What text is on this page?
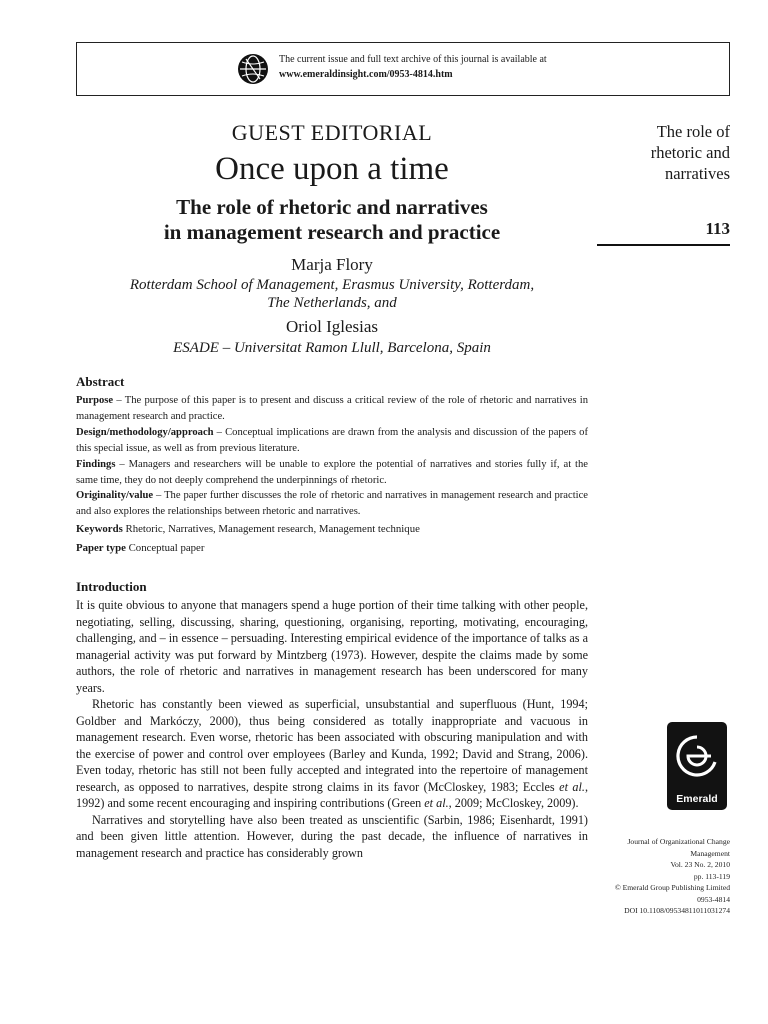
The current issue and full text archive of this journal is available at
www.emeraldinsight.com/0953-4814.htm
GUEST EDITORIAL
Once upon a time
The role of rhetoric and narratives
in management research and practice
Marja Flory
Rotterdam School of Management, Erasmus University, Rotterdam,
The Netherlands, and
Oriol Iglesias
ESADE – Universitat Ramon Llull, Barcelona, Spain
The role of
rhetoric and
narratives
113
Abstract
Purpose – The purpose of this paper is to present and discuss a critical review of the role of rhetoric and narratives in management research and practice.
Design/methodology/approach – Conceptual implications are drawn from the analysis and discussion of the papers of this special issue, as well as from previous literature.
Findings – Managers and researchers will be unable to explore the potential of narratives and stories fully if, at the same time, they do not deeply comprehend the underpinnings of rhetoric.
Originality/value – The paper further discusses the role of rhetoric and narratives in management research and practice and also explores the relationships between rhetoric and narratives.
Keywords Rhetoric, Narratives, Management research, Management technique
Paper type Conceptual paper
Introduction

It is quite obvious to anyone that managers spend a huge portion of their time talking with other people, negotiating, selling, discussing, sharing, questioning, organising, reporting, motivating, encouraging, challenging, and – in essence – persuading. Interesting empirical evidence of the importance of talks as a managerial activity was put forward by Mintzberg (1973). However, despite the claims made by some authors, the role of rhetoric and narratives in management research has been underscored for many years.

Rhetoric has constantly been viewed as superficial, unsubstantial and superfluous (Hunt, 1994; Goldber and Markóczy, 2000), thus being considered as totally inappropriate and vacuous in management research. Even worse, rhetoric has been associated with obscuring manipulation and with the exercise of power and control over employees (Barley and Kunda, 1992; David and Strang, 2006). Even today, rhetoric has still not been fully accepted and integrated into the repertoire of management research, as opposed to narratives, despite strong claims in its favor (McCloskey, 1983; Eccles et al., 1992) and some recent encouraging and inspiring contributions (Green et al., 2009; McCloskey, 2009).

Narratives and storytelling have also been treated as unscientific (Sarbin, 1986; Eisenhardt, 1991) and been given little attention. However, during the past decade, the influence of narratives in management research and practice has considerably grown

Emerald
Journal of Organizational Change
Management
Vol. 23 No. 2, 2010
pp. 113-119
© Emerald Group Publishing Limited
0953-4814
DOI 10.1108/09534811011031274
